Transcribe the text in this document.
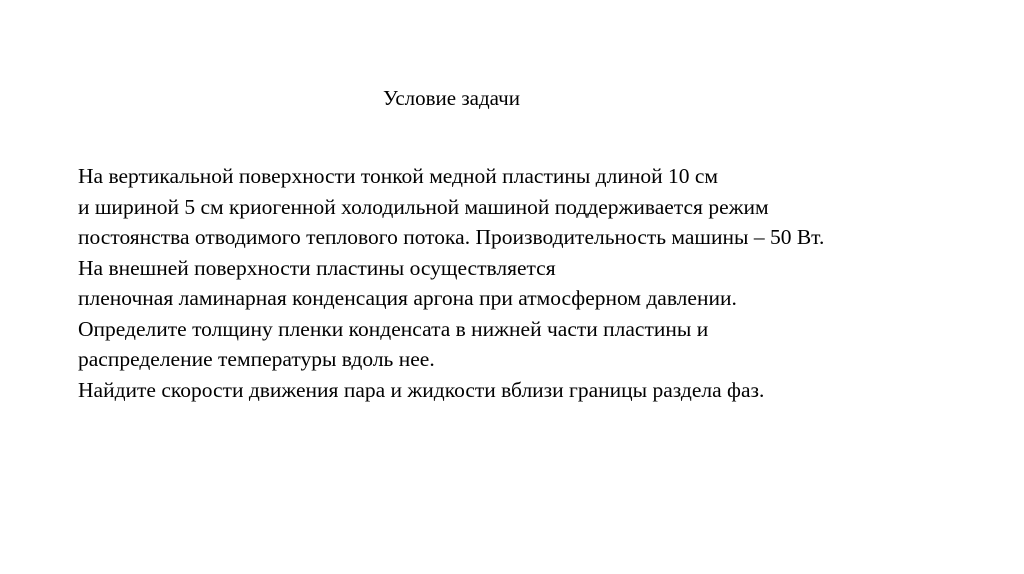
Условие задачи
На вертикальной поверхности тонкой медной пластины длиной 10 см
и шириной 5 см криогенной холодильной машиной поддерживается режим
постоянства отводимого теплового потока. Производительность машины – 50 Вт.
На внешней поверхности пластины осуществляется
пленочная ламинарная конденсация аргона при атмосферном давлении.
Определите толщину пленки конденсата в нижней части пластины и
распределение температуры вдоль нее.
Найдите скорости движения пара и жидкости вблизи границы раздела фаз.
